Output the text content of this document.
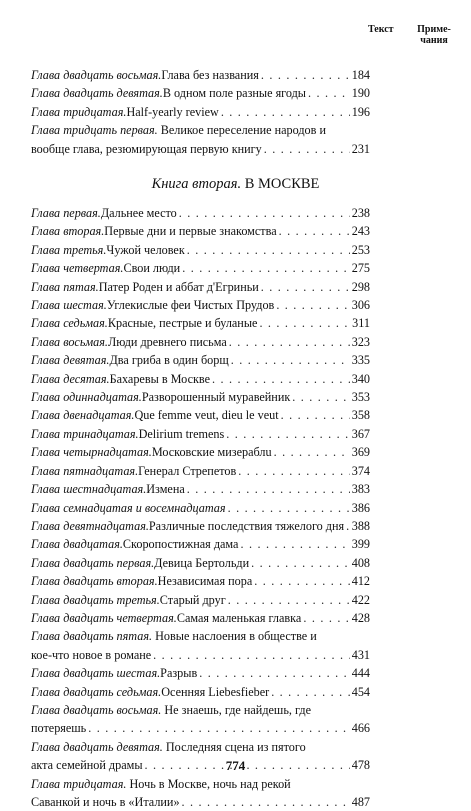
Текст	Приме-
чания
Глава двадцать восьмая. Глава без названия . . .	184
Глава двадцать девятая. В одном поле разные ягоды . . .	190
Глава тридцатая. Half-yearly review . . .	196
Глава тридцать первая. Великое переселение народов и
вообще глава, резюмирующая первую книгу . . .	231
Книга вторая. В МОСКВЕ
Глава первая. Дальнее место . . .	238
Глава вторая. Первые дни и первые знакомства . . .	243
Глава третья. Чужой человек . . .	253
Глава четвертая. Свои люди . . .	275
Глава пятая. Патер Роден и аббат д'Егриньи . . .	298
Глава шестая. Углекислые феи Чистых Прудов . . .	306
Глава седьмая. Красные, пестрые и буланые . . .	311
Глава восьмая. Люди древнего письма . . .	323
Глава девятая. Два гриба в один борщ . . .	335
Глава десятая. Бахаревы в Москве . . .	340
Глава одиннадцатая. Разворошенный муравейник . . .	353
Глава двенадцатая. Que femme veut, dieu le veut . . .	358
Глава тринадцатая. Delirium tremens . . .	367
Глава четырнадцатая. Московские мизераблu . . .	369
Глава пятнадцатая. Генерал Стрепетов . . .	374
Глава шестнадцатая. Измена . . .	383
Глава семнадцатая и восемнадцатая . . .	386
Глава девятнадцатая. Различные последствия тяжелого дня . . . 388
Глава двадцатая. Скоропостижная дама . . .	399
Глава двадцать первая. Девица Бертольди . . .	408
Глава двадцать вторая. Независимая пора . . .	412
Глава двадцать третья. Старый друг . . .	422
Глава двадцать четвертая. Самая маленькая главка . . .	428
Глава двадцать пятая. Новые наслоения в обществе и
кое-что новое в романе . . .	431
Глава двадцать шестая. Разрыв . . .	444
Глава двадцать седьмая. Осенняя Liebesfieber . . .	454
Глава двадцать восьмая. Не знаешь, где найдешь, где
потеряешь . . .	466
Глава двадцать девятая. Последняя сцена из пятого
акта семейной драмы . . .	478
Глава тридцатая. Ночь в Москве, ночь над рекой
Саванкой и ночь в «Италии» . . .	487
774
